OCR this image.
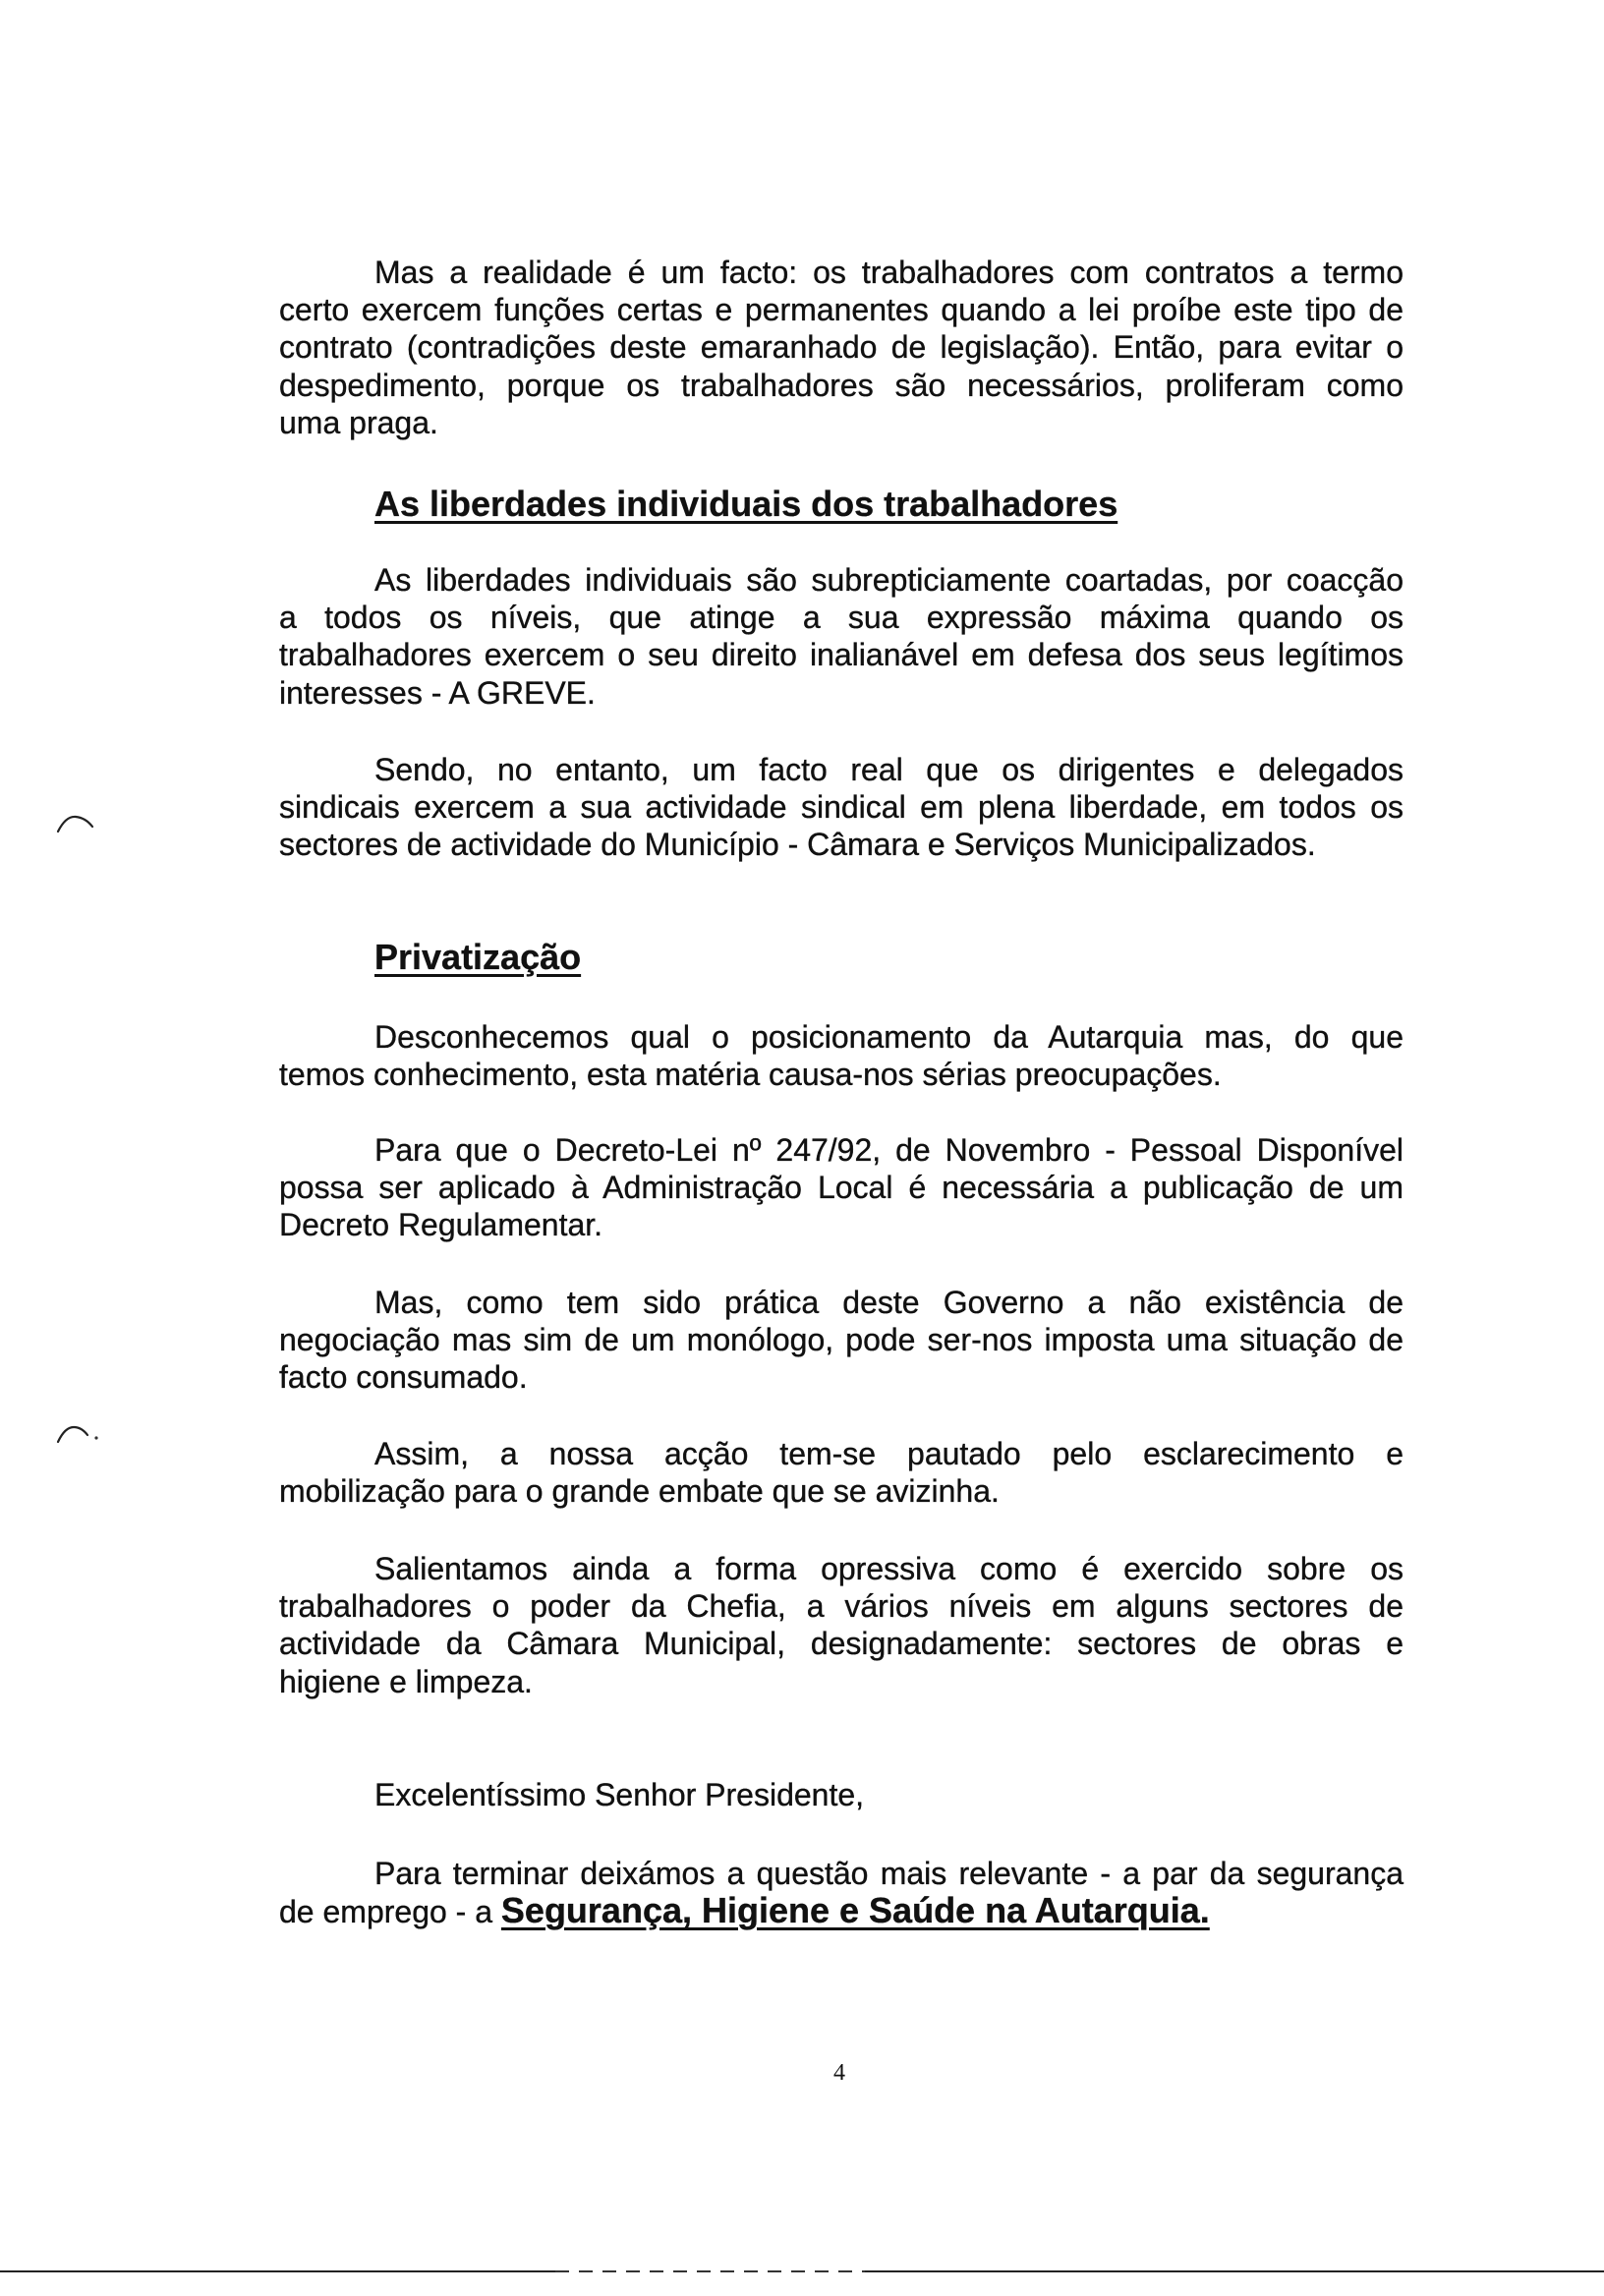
Mas a realidade é um facto: os trabalhadores com contratos a termo
certo exercem funções certas e permanentes quando a lei proíbe este tipo de
contrato (contradições deste emaranhado de legislação). Então, para evitar o
despedimento, porque os trabalhadores são necessários, proliferam como
uma praga.
As liberdades individuais dos trabalhadores
As liberdades individuais são subrepticiamente coartadas, por coacção
a todos os níveis, que atinge a sua expressão máxima quando os
trabalhadores exercem o seu direito inalianável em defesa dos seus legítimos
interesses - A GREVE.
Sendo, no entanto, um facto real que os dirigentes e delegados
sindicais exercem a sua actividade sindical em plena liberdade, em todos os
sectores de actividade do Município - Câmara e Serviços Municipalizados.
Privatização
Desconhecemos qual o posicionamento da Autarquia mas, do que
temos conhecimento, esta matéria causa-nos sérias preocupações.
Para que o Decreto-Lei nº 247/92, de Novembro - Pessoal Disponível
possa ser aplicado à Administração Local é necessária a publicação de um
Decreto Regulamentar.
Mas, como tem sido prática deste Governo a não existência de
negociação mas sim de um monólogo, pode ser-nos imposta uma situação de
facto consumado.
Assim, a nossa acção tem-se pautado pelo esclarecimento e
mobilização para o grande embate que se avizinha.
Salientamos ainda a forma opressiva como é exercido sobre os
trabalhadores o poder da Chefia, a vários níveis em alguns sectores de
actividade da Câmara Municipal, designadamente: sectores de obras e
higiene e limpeza.
Excelentíssimo Senhor Presidente,
Para terminar deixámos a questão mais relevante - a par da segurança
de emprego - a Segurança, Higiene e Saúde na Autarquia.
4
